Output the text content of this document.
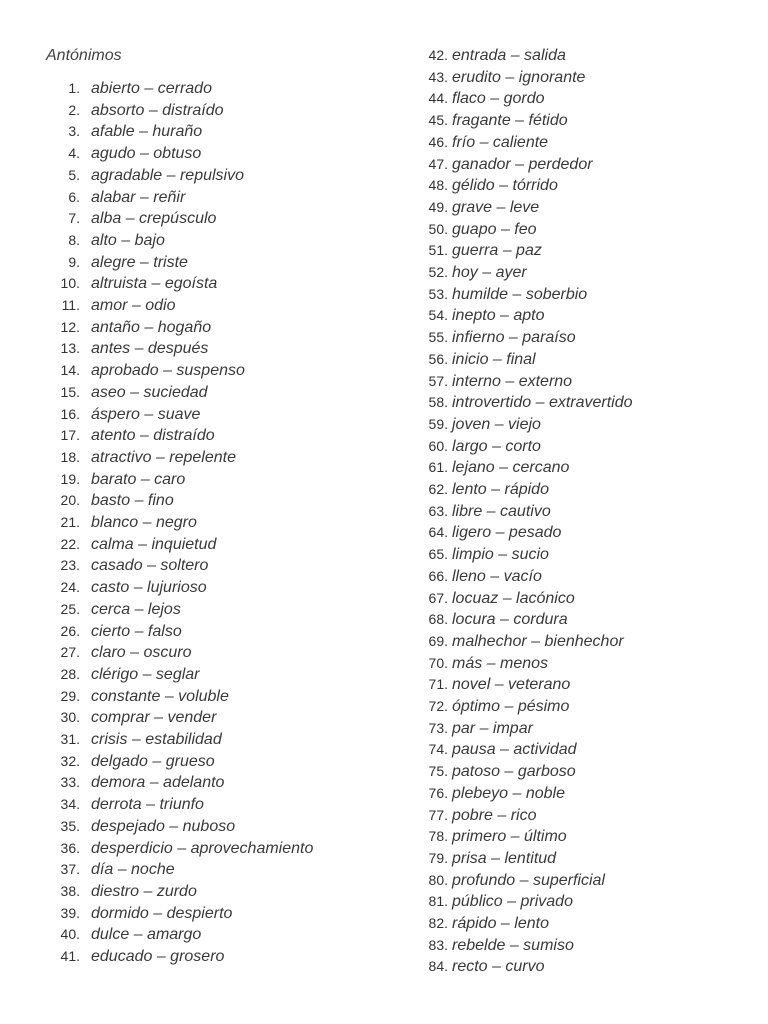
Antónimos
1. abierto – cerrado
2. absorto – distraído
3. afable – huraño
4. agudo – obtuso
5. agradable – repulsivo
6. alabar – reñir
7. alba – crepúsculo
8. alto – bajo
9. alegre – triste
10. altruista – egoísta
11. amor – odio
12. antaño – hogaño
13. antes – después
14. aprobado – suspenso
15. aseo – suciedad
16. áspero – suave
17. atento – distraído
18. atractivo – repelente
19. barato – caro
20. basto – fino
21. blanco – negro
22. calma – inquietud
23. casado – soltero
24. casto – lujurioso
25. cerca – lejos
26. cierto – falso
27. claro – oscuro
28. clérigo – seglar
29. constante – voluble
30. comprar – vender
31. crisis – estabilidad
32. delgado – grueso
33. demora – adelanto
34. derrota – triunfo
35. despejado – nuboso
36. desperdicio – aprovechamiento
37. día – noche
38. diestro – zurdo
39. dormido – despierto
40. dulce – amargo
41. educado – grosero
42. entrada – salida
43. erudito – ignorante
44. flaco – gordo
45. fragante – fétido
46. frío – caliente
47. ganador – perdedor
48. gélido – tórrido
49. grave – leve
50. guapo – feo
51. guerra – paz
52. hoy – ayer
53. humilde – soberbio
54. inepto – apto
55. infierno – paraíso
56. inicio – final
57. interno – externo
58. introvertido – extravertido
59. joven – viejo
60. largo – corto
61. lejano – cercano
62. lento – rápido
63. libre – cautivo
64. ligero – pesado
65. limpio – sucio
66. lleno – vacío
67. locuaz – lacónico
68. locura – cordura
69. malhechor – bienhechor
70. más – menos
71. novel – veterano
72. óptimo – pésimo
73. par – impar
74. pausa – actividad
75. patoso – garboso
76. plebeyo – noble
77. pobre – rico
78. primero – último
79. prisa – lentitud
80. profundo – superficial
81. público – privado
82. rápido – lento
83. rebelde – sumiso
84. recto – curvo
